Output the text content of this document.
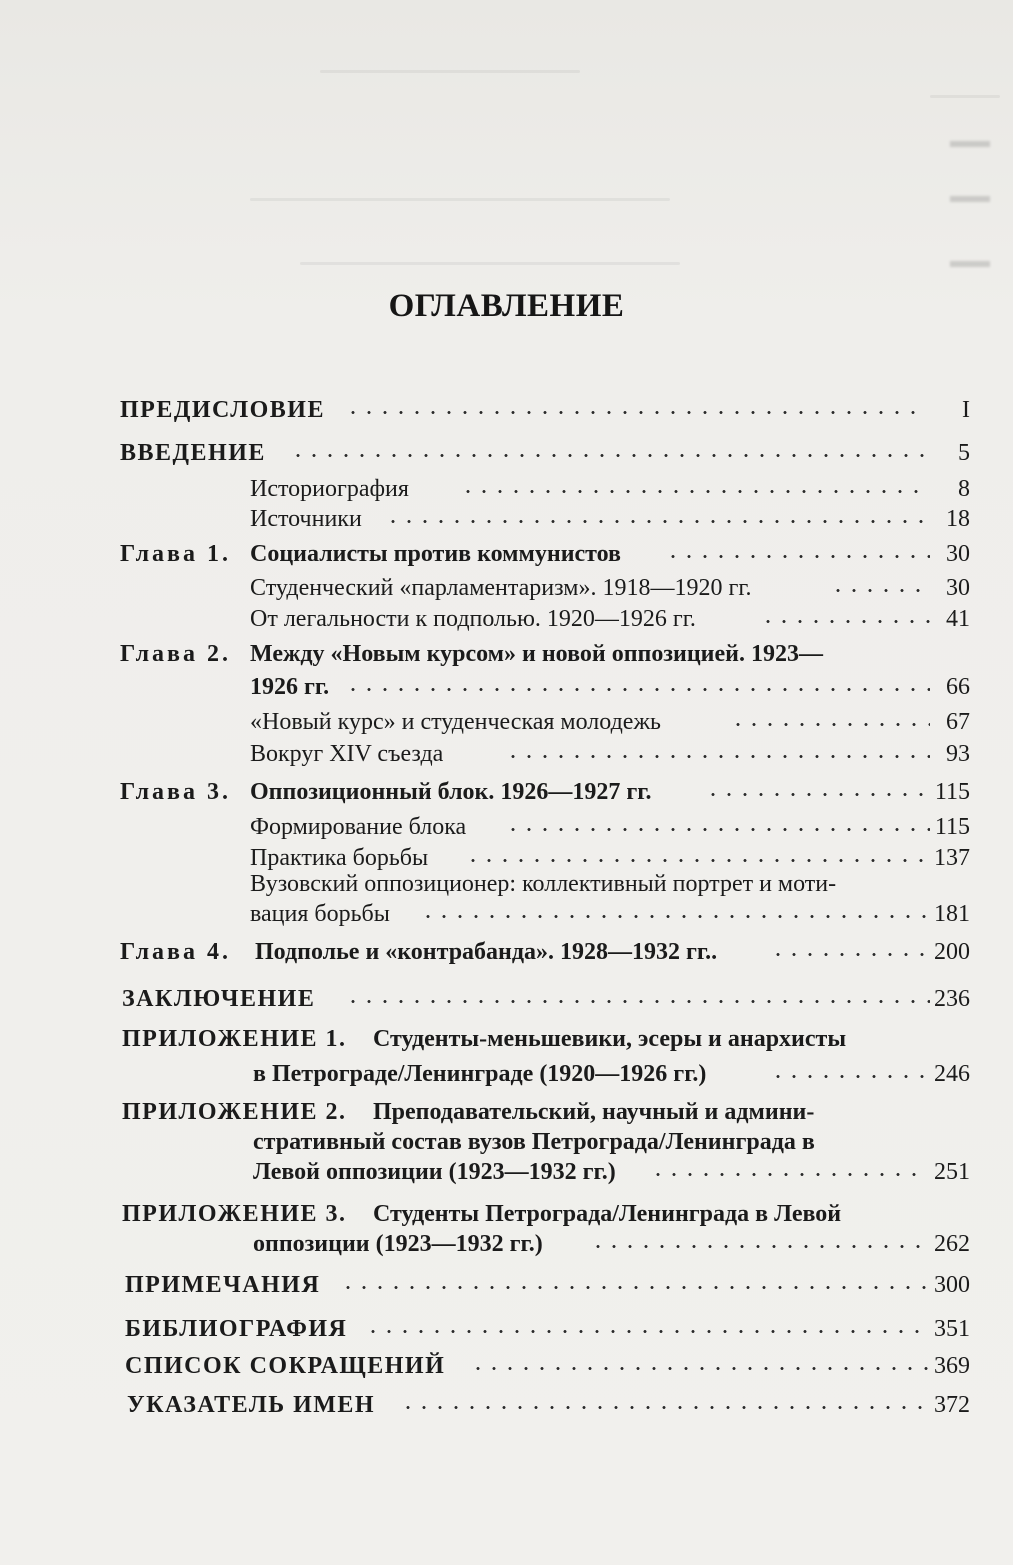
▬▬
▬▬
▬▬
ОГЛАВЛЕНИЕ
ПРЕДИСЛОВИЕ	I
ВВЕДЕНИЕ	5
Историография	8
Источники	18
Глава 1. Социалисты против коммунистов	30
Студенческий «парламентаризм». 1918—1920 гг.	30
От легальности к подполью. 1920—1926 гг.	41
Глава 2. Между «Новым курсом» и новой оппозицией. 1923—
1926 гг.	66
«Новый курс» и студенческая молодежь	67
Вокруг XIV съезда	93
Глава 3. Оппозиционный блок. 1926—1927 гг.	115
Формирование блока	115
Практика борьбы	137
Вузовский оппозиционер: коллективный портрет и моти-
вация борьбы	181
Глава 4. Подполье и «контрабанда». 1928—1932 гг..	200
ЗАКЛЮЧЕНИЕ	236
ПРИЛОЖЕНИЕ 1. Студенты-меньшевики, эсеры и анархисты
в Петрограде/Ленинграде (1920—1926 гг.)	246
ПРИЛОЖЕНИЕ 2. Преподавательский, научный и админи-
стративный состав вузов Петрограда/Ленинграда в
Левой оппозиции (1923—1932 гг.)	251
ПРИЛОЖЕНИЕ 3. Студенты Петрограда/Ленинграда в Левой
оппозиции (1923—1932 гг.)	262
ПРИМЕЧАНИЯ	300
БИБЛИОГРАФИЯ	351
СПИСОК СОКРАЩЕНИЙ	369
УКАЗАТЕЛЬ ИМЕН	372
